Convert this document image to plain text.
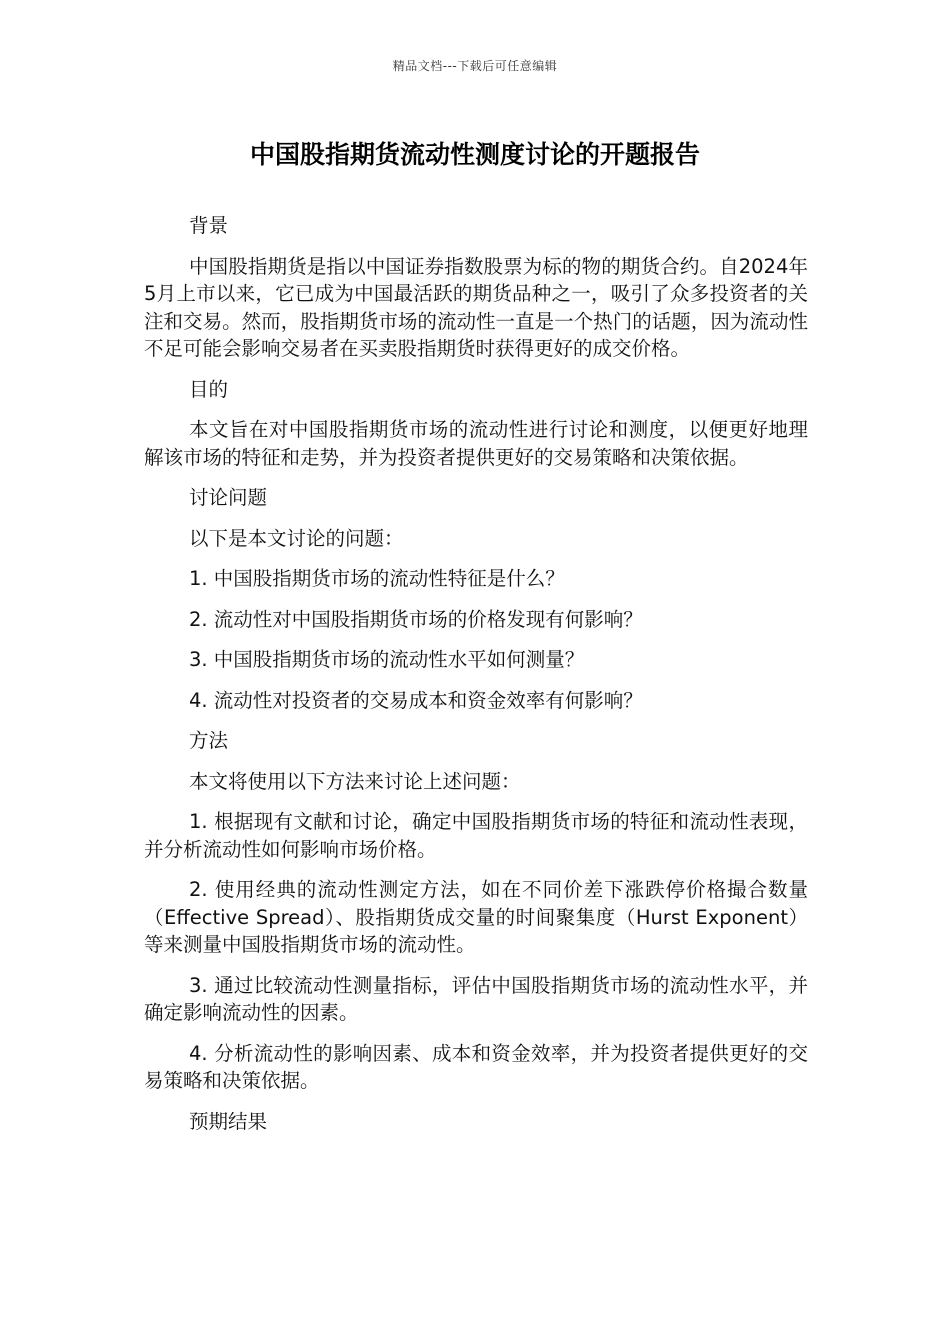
精品文档---下载后可任意编辑
中国股指期货流动性测度讨论的开题报告

背景

中国股指期货是指以中国证券指数股票为标的物的期货合约。自2024年5月上市以来，它已成为中国最活跃的期货品种之一，吸引了众多投资者的关注和交易。然而，股指期货市场的流动性一直是一个热门的话题，因为流动性不足可能会影响交易者在买卖股指期货时获得更好的成交价格。

目的

本文旨在对中国股指期货市场的流动性进行讨论和测度，以便更好地理解该市场的特征和走势，并为投资者提供更好的交易策略和决策依据。

讨论问题

以下是本文讨论的问题：

1. 中国股指期货市场的流动性特征是什么？

2. 流动性对中国股指期货市场的价格发现有何影响？

3. 中国股指期货市场的流动性水平如何测量？

4. 流动性对投资者的交易成本和资金效率有何影响？

方法

本文将使用以下方法来讨论上述问题：

1. 根据现有文献和讨论，确定中国股指期货市场的特征和流动性表现，并分析流动性如何影响市场价格。

2. 使用经典的流动性测定方法，如在不同价差下涨跌停价格撮合数量（Effective Spread）、股指期货成交量的时间聚集度（Hurst Exponent）等来测量中国股指期货市场的流动性。

3. 通过比较流动性测量指标，评估中国股指期货市场的流动性水平，并确定影响流动性的因素。

4. 分析流动性的影响因素、成本和资金效率，并为投资者提供更好的交易策略和决策依据。

预期结果
